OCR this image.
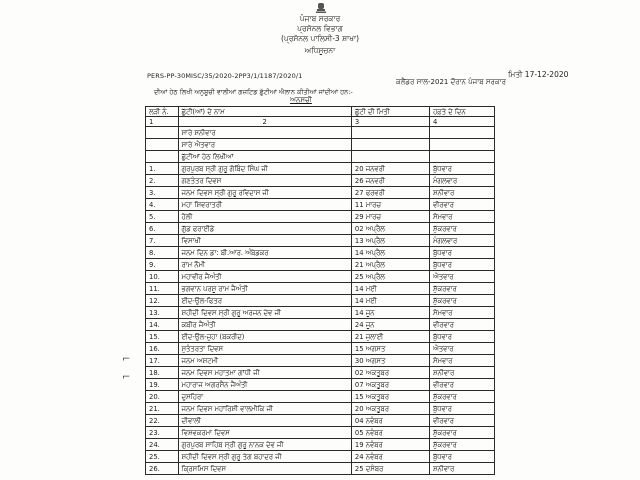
ਪੰਜਾਬ ਸਰਕਾਰ
ਪ੍ਰਸੋਨਲ ਵਿਭਾਗ
(ਪ੍ਰਸੋਨਲ ਪਾਲਿਸੀ-3 ਸ਼ਾਖਾ)
ਅਧਿਸੂਚਨਾ
ਮਿਤੀ 17-12-2020
PERS-PP-30MISC/35/2020-2PP3/1/1187/2020/1
ਕਲੈਂਡਰ ਸਾਲ-2021 ਦੌਰਾਨ ਪੰਜਾਬ ਸਰਕਾਰ
ਦੀਆਂ ਹੇਠ ਲਿਖੀ ਅਨੁਸੂਚੀ ਵਾਲੀਆਂ ਗਜ਼ਟਿਡ ਛੁੱਟੀਆਂ ਐਲਾਨ ਕੀਤੀਆਂ ਜਾਂਦੀਆਂ ਹਨ:-
ਅਨੁਸੂਚੀ
ਲੜੀ ਨੰ.	ਛੁੱਟੀ(ਆਂ) ਦੇ ਨਾਮ	ਛੁੱਟੀ ਦੀ ਮਿਤੀ	ਹਫ਼ਤੇ ਦੇ ਦਿਨ
1	2	3	4
	ਸਾਰੇ ਸ਼ਨੀਵਾਰ		
	ਸਾਰੇ ਐਤਵਾਰ		
	ਛੁੱਟੀਆਂ ਹੇਠ ਲਿਖੀਆਂ		
1.	ਗੁਰਪੁਰਬ ਸ੍ਰੀ ਗੁਰੂ ਗੋਬਿੰਦ ਸਿੰਘ ਜੀ	20 ਜਨਵਰੀ	ਬੁੱਧਵਾਰ
2.	ਗਣਤੰਤਰ ਦਿਵਸ	26 ਜਨਵਰੀ	ਮੰਗਲਵਾਰ
3.	ਜਨਮ ਦਿਵਸ ਸ੍ਰੀ ਗੁਰੂ ਰਵਿਦਾਸ ਜੀ	27 ਫਰਵਰੀ	ਸ਼ਨੀਵਾਰ
4.	ਮਹਾ ਸ਼ਿਵਰਾਤਰੀ	11 ਮਾਰਚ	ਵੀਰਵਾਰ
5.	ਹੋਲੀ	29 ਮਾਰਚ	ਸੋਮਵਾਰ
6.	ਗੁੱਡ ਫਰਾਈਡੇ	02 ਅਪ੍ਰੈਲ	ਸ਼ੁੱਕਰਵਾਰ
7.	ਵਿਸਾਖੀ	13 ਅਪ੍ਰੈਲ	ਮੰਗਲਵਾਰ
8.	ਜਨਮ ਦਿਨ ਡਾ: ਬੀ.ਆਰ. ਅੰਬੇਡਕਰ	14 ਅਪ੍ਰੈਲ	ਬੁੱਧਵਾਰ
9.	ਰਾਮ ਨੌਮੀ	21 ਅਪ੍ਰੈਲ	ਬੁੱਧਵਾਰ
10.	ਮਹਾਵੀਰ ਜੈਅੰਤੀ	25 ਅਪ੍ਰੈਲ	ਐਤਵਾਰ
11.	ਭਗਵਾਨ ਪਰਸ਼ੂ ਰਾਮ ਜੈਅੰਤੀ	14 ਮਈ	ਸ਼ੁੱਕਰਵਾਰ
12.	ਈਦ-ਉਲ-ਫਿਤਰ	14 ਮਈ	ਸ਼ੁੱਕਰਵਾਰ
13.	ਸ਼ਹੀਦੀ ਦਿਵਸ ਸ੍ਰੀ ਗੁਰੂ ਅਰਜਨ ਦੇਵ ਜੀ	14 ਜੂਨ	ਸੋਮਵਾਰ
14.	ਕਬੀਰ ਜੈਅੰਤੀ	24 ਜੂਨ	ਵੀਰਵਾਰ
15.	ਈਦ-ਉਲ-ਜ਼ੁਹਾ (ਬਕਰੀਦ)	21 ਜੁਲਾਈ	ਬੁੱਧਵਾਰ
16.	ਸੁਤੰਤਰਤਾ ਦਿਵਸ	15 ਅਗਸਤ	ਐਤਵਾਰ
17.	ਜਨਮ ਅਸ਼ਟਮੀ	30 ਅਗਸਤ	ਸੋਮਵਾਰ
18.	ਜਨਮ ਦਿਵਸ ਮਹਾਤਮਾ ਗਾਂਧੀ ਜੀ	02 ਅਕਤੂਬਰ	ਸ਼ਨੀਵਾਰ
19.	ਮਹਾਰਾਜ ਅਗਰਸੈਨ ਜੈਅੰਤੀ	07 ਅਕਤੂਬਰ	ਵੀਰਵਾਰ
20.	ਦੁਸਹਿਰਾ	15 ਅਕਤੂਬਰ	ਸ਼ੁੱਕਰਵਾਰ
21.	ਜਨਮ ਦਿਵਸ ਮਹਾਂਰਿਸ਼ੀ ਵਾਲਮੀਕਿ ਜੀ	20 ਅਕਤੂਬਰ	ਬੁੱਧਵਾਰ
22.	ਦੀਵਾਲੀ	04 ਨਵੰਬਰ	ਵੀਰਵਾਰ
23.	ਵਿਸ਼ਵਕਰਮਾ ਦਿਵਸ	05 ਨਵੰਬਰ	ਸ਼ੁੱਕਰਵਾਰ
24.	ਗੁਰਪੁਰਬ ਸਾਹਿਬ ਸ੍ਰੀ ਗੁਰੂ ਨਾਨਕ ਦੇਵ ਜੀ	19 ਨਵੰਬਰ	ਸ਼ੁੱਕਰਵਾਰ
25.	ਸ਼ਹੀਦੀ ਦਿਵਸ ਸ੍ਰੀ ਗੁਰੂ ਤੇਗ ਬਹਾਦਰ ਜੀ	24 ਨਵੰਬਰ	ਬੁੱਧਵਾਰ
26.	ਕ੍ਰਿਸਮਿਸ ਦਿਵਸ	25 ਦਸੰਬਰ	ਸ਼ਨੀਵਾਰ
⌐
⌐
